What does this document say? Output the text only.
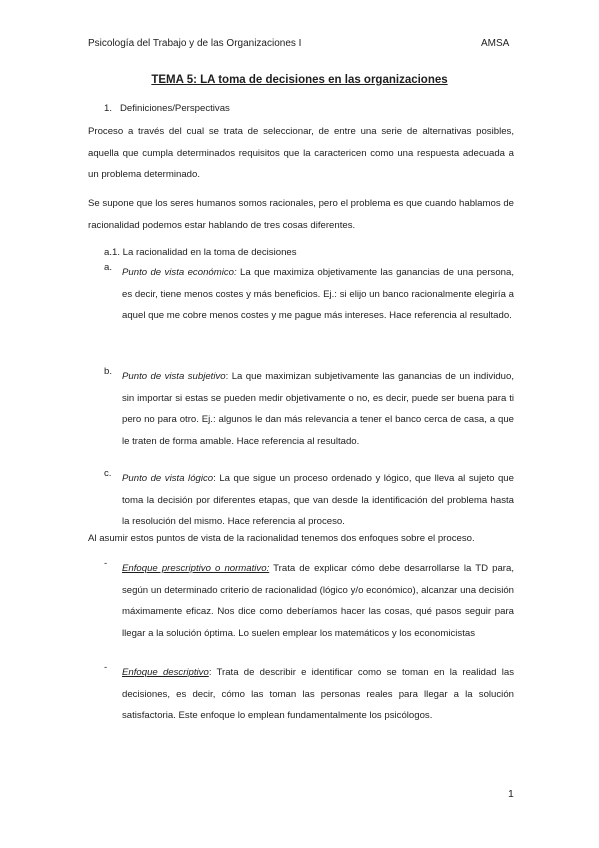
Psicología del Trabajo y de las Organizaciones I	AMSA
TEMA 5: LA toma de decisiones en las organizaciones
1. Definiciones/Perspectivas
Proceso a través del cual se trata de seleccionar, de entre una serie de alternativas posibles, aquella que cumpla determinados requisitos que la caractericen como una respuesta adecuada a un problema determinado.
Se supone que los seres humanos somos racionales, pero el problema es que cuando hablamos de racionalidad podemos estar hablando de tres cosas diferentes.
a.1. La racionalidad en la toma de decisiones
a. Punto de vista económico: La que maximiza objetivamente las ganancias de una persona, es decir, tiene menos costes y más beneficios. Ej.: si elijo un banco racionalmente elegiría a aquel que me cobre menos costes y me pague más intereses. Hace referencia al resultado.
b. Punto de vista subjetivo: La que maximizan subjetivamente las ganancias de un individuo, sin importar si estas se pueden medir objetivamente o no, es decir, puede ser buena para ti pero no para otro. Ej.: algunos le dan más relevancia a tener el banco cerca de casa, a que le traten de forma amable. Hace referencia al resultado.
c. Punto de vista lógico: La que sigue un proceso ordenado y lógico, que lleva al sujeto que toma la decisión por diferentes etapas, que van desde la identificación del problema hasta la resolución del mismo. Hace referencia al proceso.
Al asumir estos puntos de vista de la racionalidad tenemos dos enfoques sobre el proceso.
- Enfoque prescriptivo o normativo: Trata de explicar cómo debe desarrollarse la TD para, según un determinado criterio de racionalidad (lógico y/o económico), alcanzar una decisión máximamente eficaz. Nos dice como deberíamos hacer las cosas, qué pasos seguir para llegar a la solución óptima. Lo suelen emplear los matemáticos y los economicistas
- Enfoque descriptivo: Trata de describir e identificar como se toman en la realidad las decisiones, es decir, cómo las toman las personas reales para llegar a la solución satisfactoria. Este enfoque lo emplean fundamentalmente los psicólogos.
1
